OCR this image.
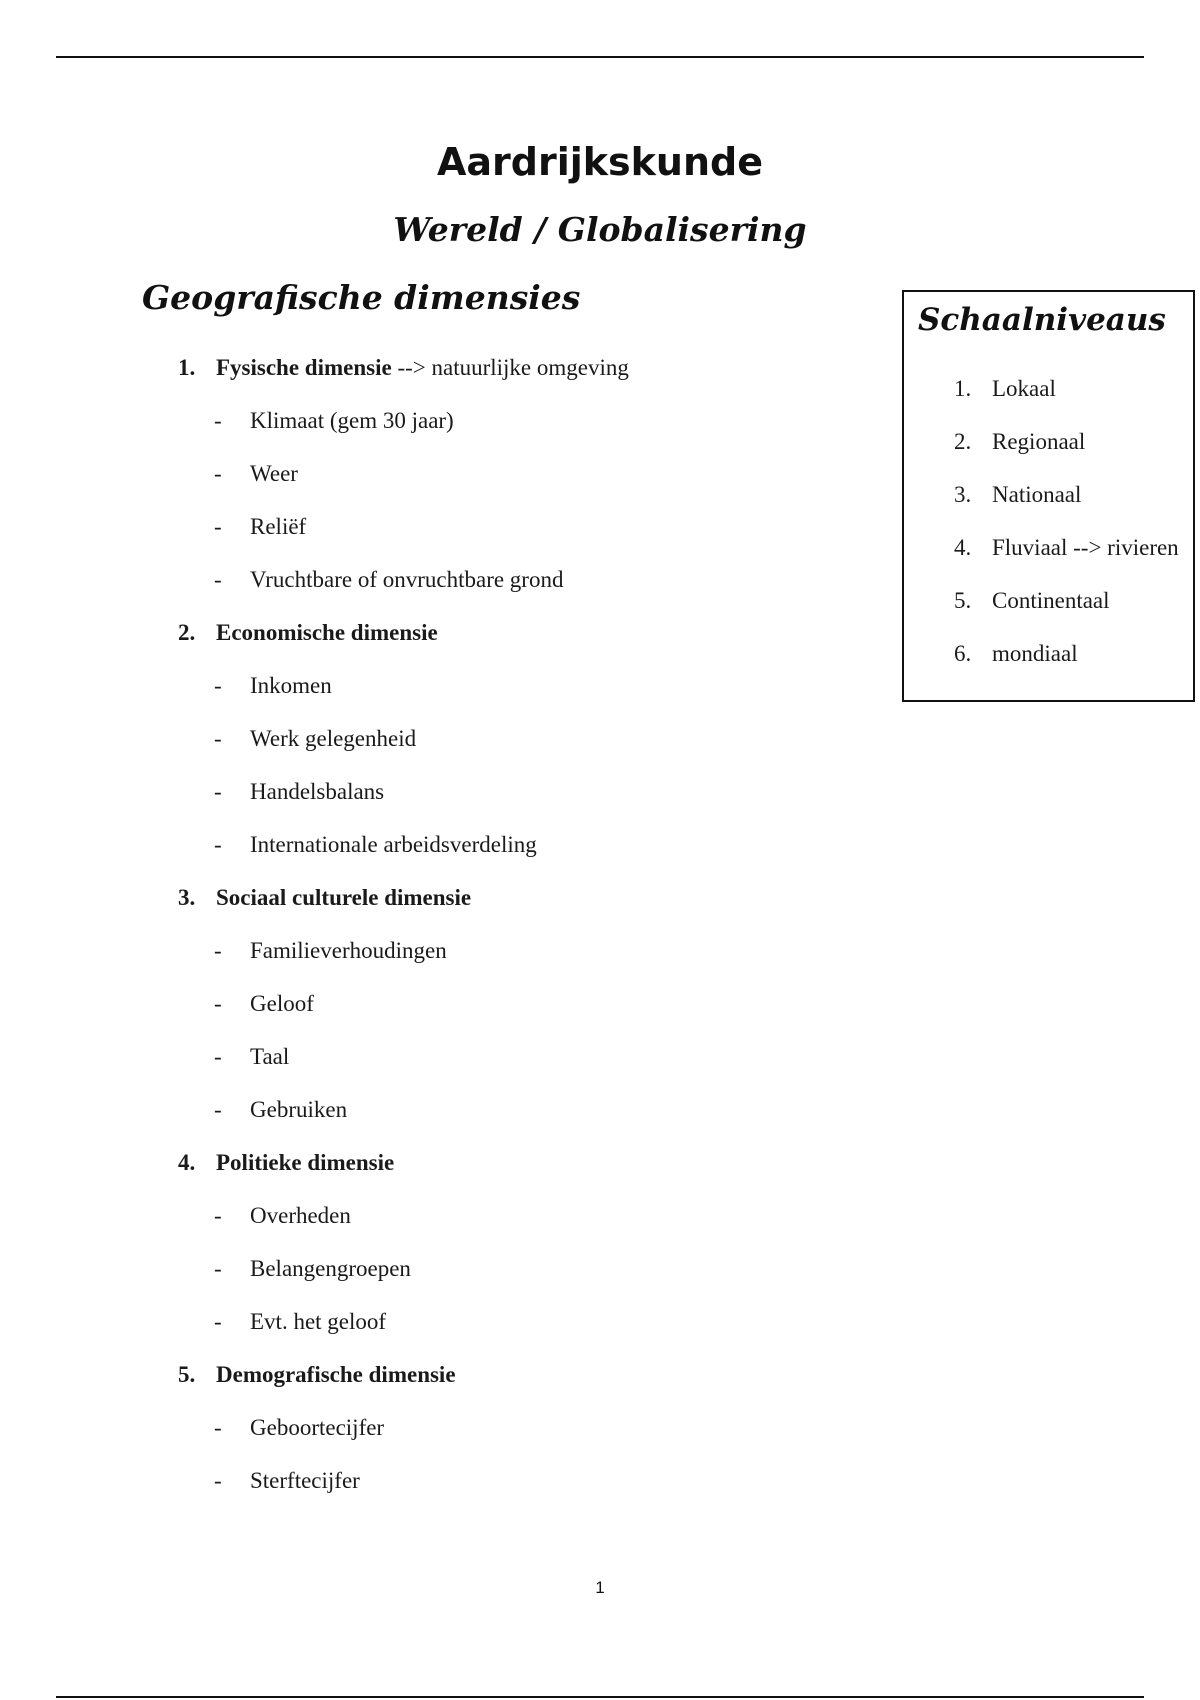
Aardrijkskunde
Wereld / Globalisering
Geografische dimensies
1. Fysische dimensie --> natuurlijke omgeving
- Klimaat (gem 30 jaar)
- Weer
- Reliëf
- Vruchtbare of onvruchtbare grond
2. Economische dimensie
- Inkomen
- Werk gelegenheid
- Handelsbalans
- Internationale arbeidsverdeling
3. Sociaal culturele dimensie
- Familieverhoudingen
- Geloof
- Taal
- Gebruiken
4. Politieke dimensie
- Overheden
- Belangengroepen
- Evt. het geloof
5. Demografische dimensie
- Geboortecijfer
- Sterftecijfer
Schaalniveaus
1. Lokaal
2. Regionaal
3. Nationaal
4. Fluviaal --> rivieren
5. Continentaal
6. mondiaal
1
